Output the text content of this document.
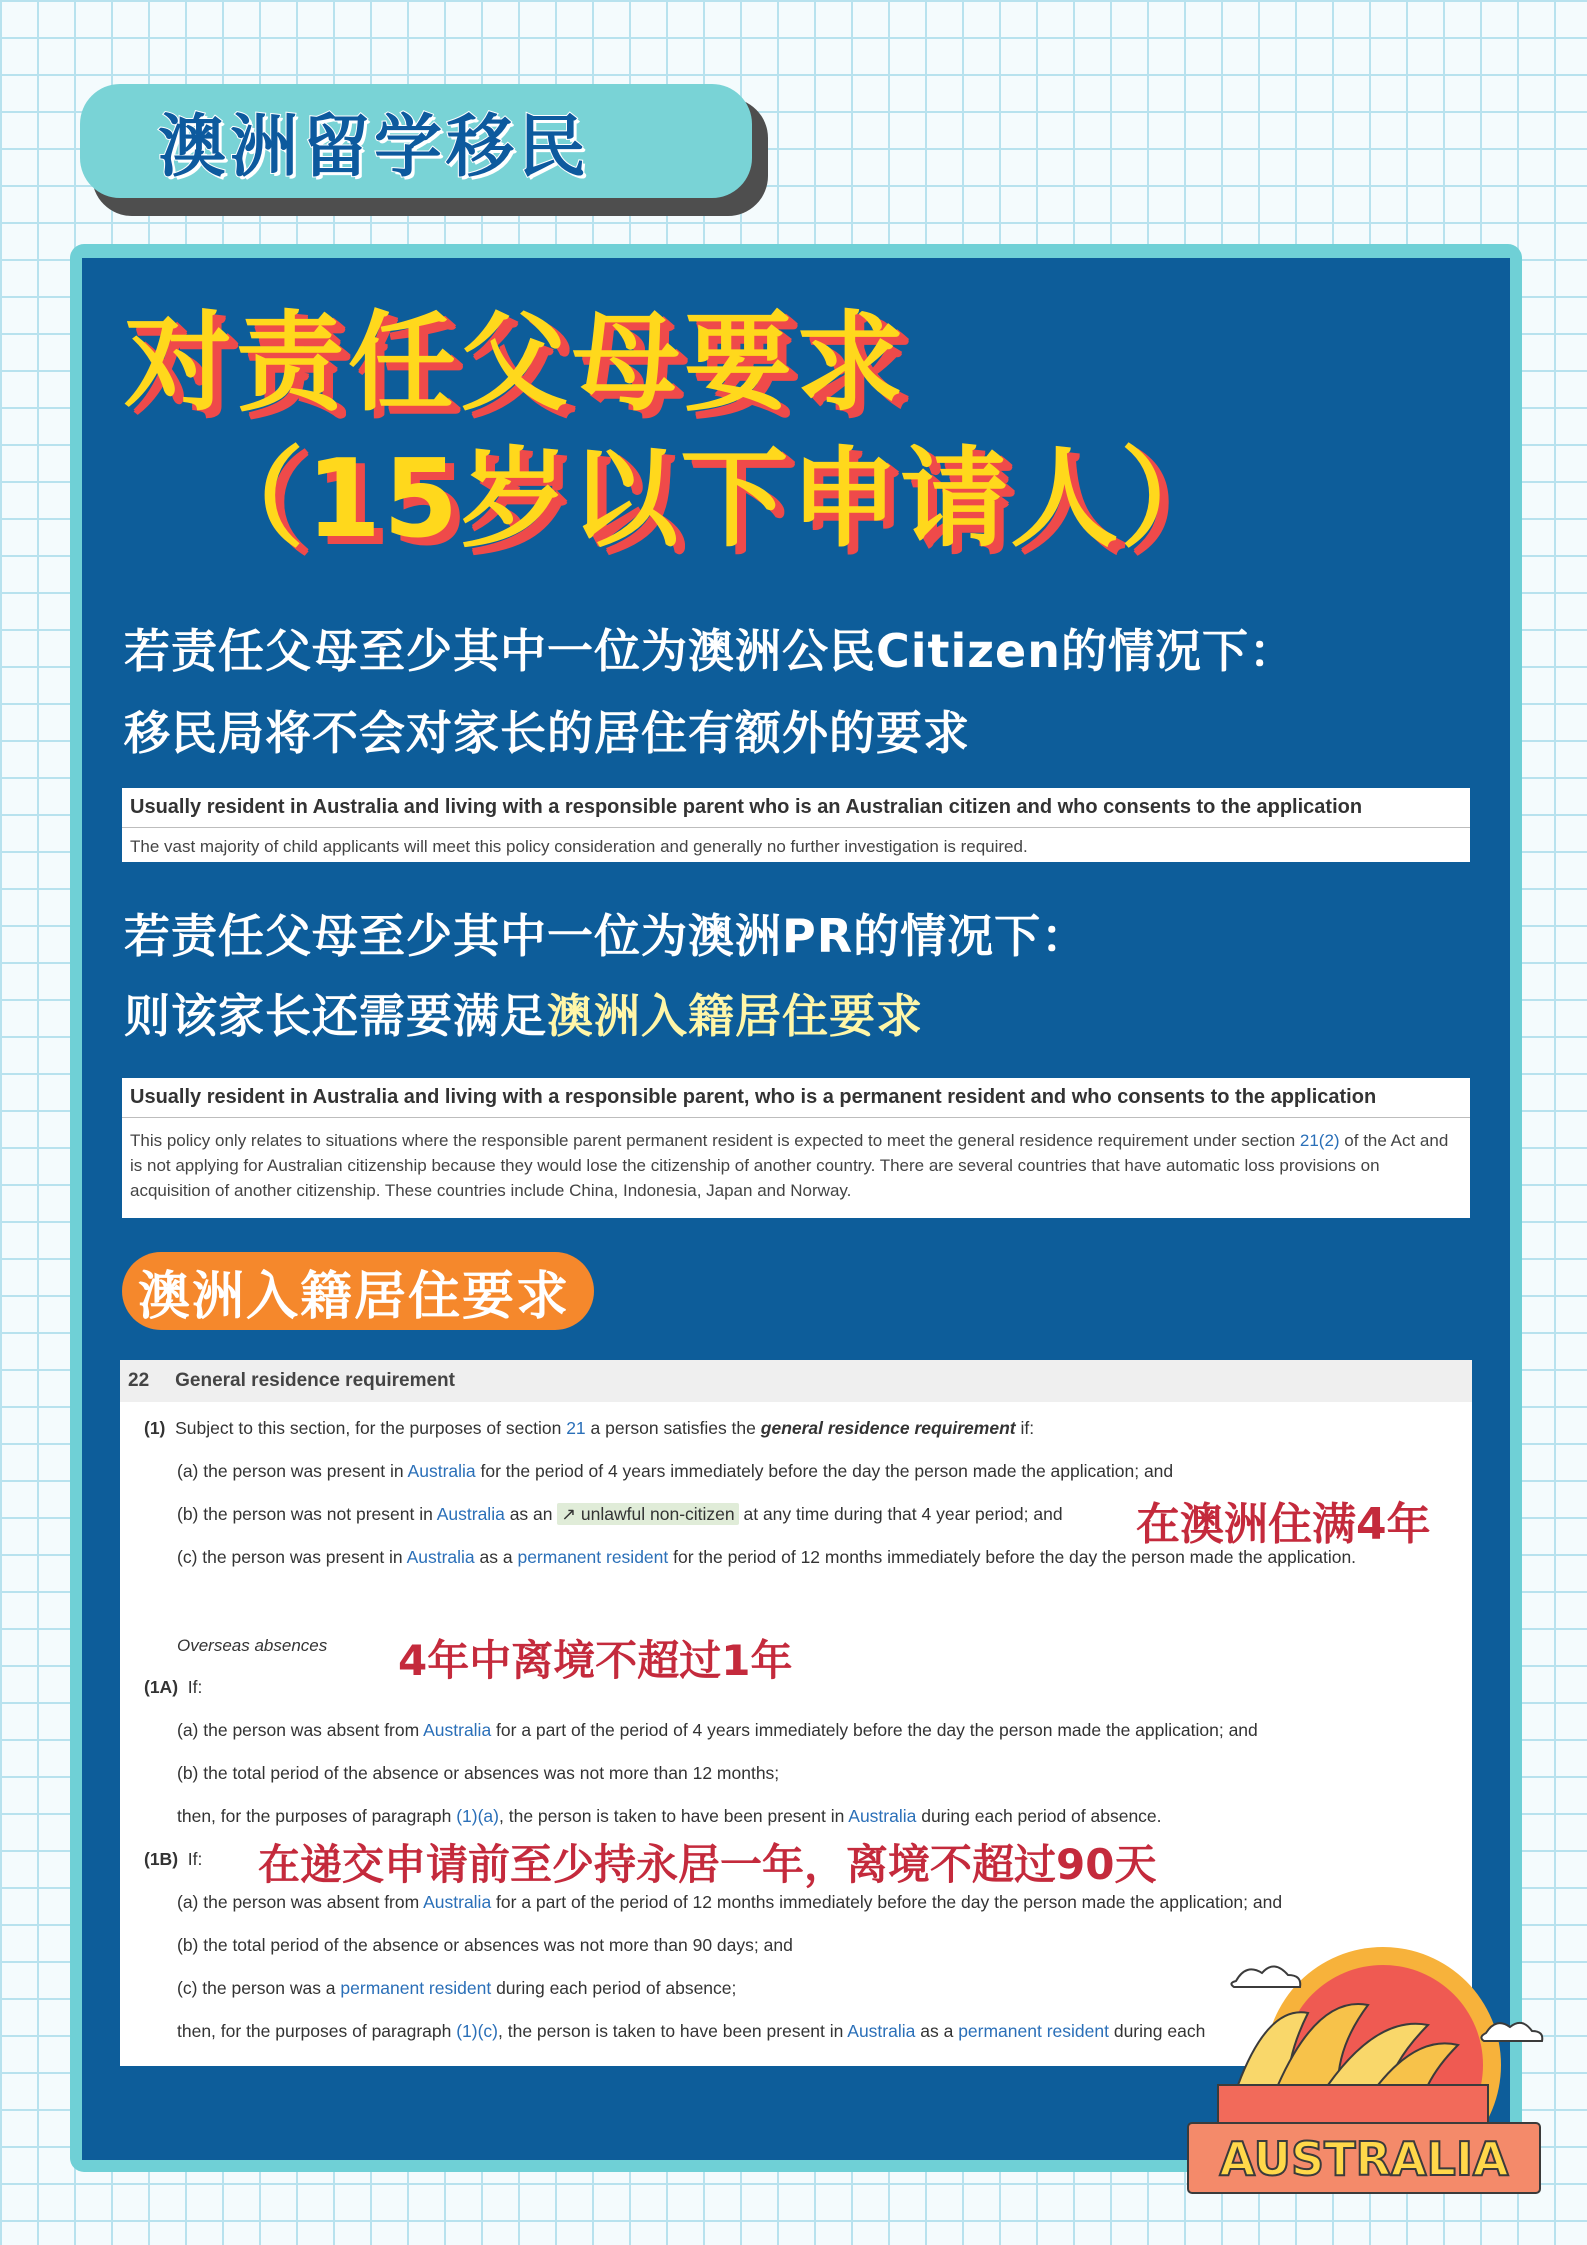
澳洲留学移民
对责任父母要求
（15岁以下申请人）
若责任父母至少其中一位为澳洲公民Citizen的情况下：
移民局将不会对家长的居住有额外的要求
Usually resident in Australia and living with a responsible parent who is an Australian citizen and who consents to the application
The vast majority of child applicants will meet this policy consideration and generally no further investigation is required.
若责任父母至少其中一位为澳洲PR的情况下：
则该家长还需要满足澳洲入籍居住要求
Usually resident in Australia and living with a responsible parent, who is a permanent resident and who consents to the application
This policy only relates to situations where the responsible parent permanent resident is expected to meet the general residence requirement under section 21(2) of the Act and is not applying for Australian citizenship because they would lose the citizenship of another country. There are several countries that have automatic loss provisions on acquisition of another citizenship. These countries include China, Indonesia, Japan and Norway.
澳洲入籍居住要求
22 General residence requirement
(1) Subject to this section, for the purposes of section 21 a person satisfies the general residence requirement if:
(a) the person was present in Australia for the period of 4 years immediately before the day the person made the application; and
(b) the person was not present in Australia as an ↗ unlawful non-citizen at any time during that 4 year period; and
(c) the person was present in Australia as a permanent resident for the period of 12 months immediately before the day the person made the application.
Overseas absences
(1A) If:
(a) the person was absent from Australia for a part of the period of 4 years immediately before the day the person made the application; and
(b) the total period of the absence or absences was not more than 12 months;
then, for the purposes of paragraph (1)(a), the person is taken to have been present in Australia during each period of absence.
(1B) If:
(a) the person was absent from Australia for a part of the period of 12 months immediately before the day the person made the application; and
(b) the total period of the absence or absences was not more than 90 days; and
(c) the person was a permanent resident during each period of absence;
then, for the purposes of paragraph (1)(c), the person is taken to have been present in Australia as a permanent resident during each
在澳洲住满4年
4年中离境不超过1年
在递交申请前至少持永居一年，离境不超过90天
AUSTRALIA
